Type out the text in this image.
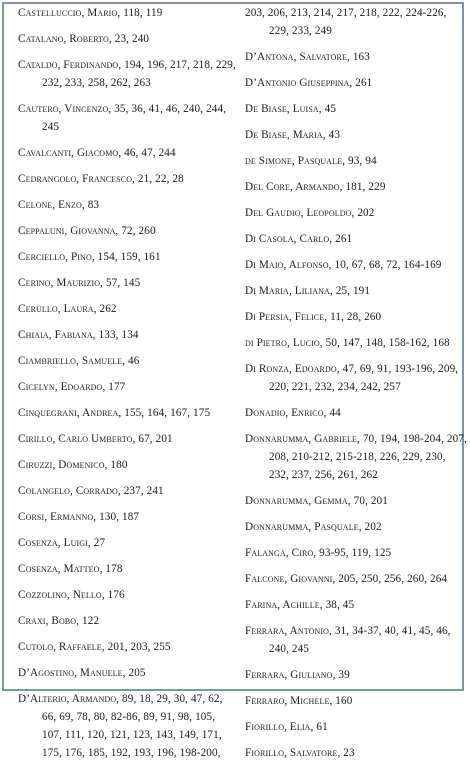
Castelluccio, Mario, 118, 119
Catalano, Roberto, 23, 240
Cataldo, Ferdinando, 194, 196, 217, 218, 229, 232, 233, 258, 262, 263
Cautero, Vincenzo, 35, 36, 41, 46, 240, 244, 245
Cavalcanti, Giacomo, 46, 47, 244
Cedrangolo, Francesco, 21, 22, 28
Celone, Enzo, 83
Ceppaluni, Giovanna, 72, 260
Cerciello, Pino, 154, 159, 161
Cerino, Maurizio, 57, 145
Cerullo, Laura, 262
Chiaia, Fabiana, 133, 134
Ciambriello, Samuele, 46
Cicelyn, Edoardo, 177
Cinquegrani, Andrea, 155, 164, 167, 175
Cirillo, Carlo Umberto, 67, 201
Ciruzzi, Domenico, 180
Colangelo, Corrado, 237, 241
Corsi, Ermanno, 130, 187
Cosenza, Luigi, 27
Cosenza, Matteo, 178
Cozzolino, Nello, 176
Craxi, Bobo, 122
Cutolo, Raffaele, 201, 203, 255
D’Agostino, Manuele, 205
D’Alterio, Armando, 89, 18, 29, 30, 47, 62, 66, 69, 78, 80, 82-86, 89, 91, 98, 105, 107, 111, 120, 121, 123, 143, 149, 171, 175, 176, 185, 192, 193, 196, 198-200,
203, 206, 213, 214, 217, 218, 222, 224-226, 229, 233, 249
D’Antona, Salvatore, 163
D’Antonio Giuseppina, 261
De Biase, Luisa, 45
De Biase, Maria, 43
de Simone, Pasquale, 93, 94
Del Core, Armando, 181, 229
Del Gaudio, Leopoldo, 202
Di Casola, Carlo, 261
Di Maio, Alfonso, 10, 67, 68, 72, 164-169
Di Maria, Liliana, 25, 191
Di Persia, Felice, 11, 28, 260
di Pietro, Lucio, 50, 147, 148, 158-162, 168
Di Ronza, Edoardo, 47, 69, 91, 193-196, 209, 220, 221, 232, 234, 242, 257
Donadio, Enrico, 44
Donnarumma, Gabriele, 70, 194, 198-204, 207, 208, 210-212, 215-218, 226, 229, 230, 232, 237, 256, 261, 262
Donnarumma, Gemma, 70, 201
Donnarumma, Pasquale, 202
Falanga, Ciro, 93-95, 119, 125
Falcone, Giovanni, 205, 250, 256, 260, 264
Farina, Achille, 38, 45
Ferrara, Antonio, 31, 34-37, 40, 41, 45, 46, 240, 245
Ferrara, Giuliano, 39
Ferraro, Michele, 160
Fiorillo, Elia, 61
Fiorillo, Salvatore, 23
